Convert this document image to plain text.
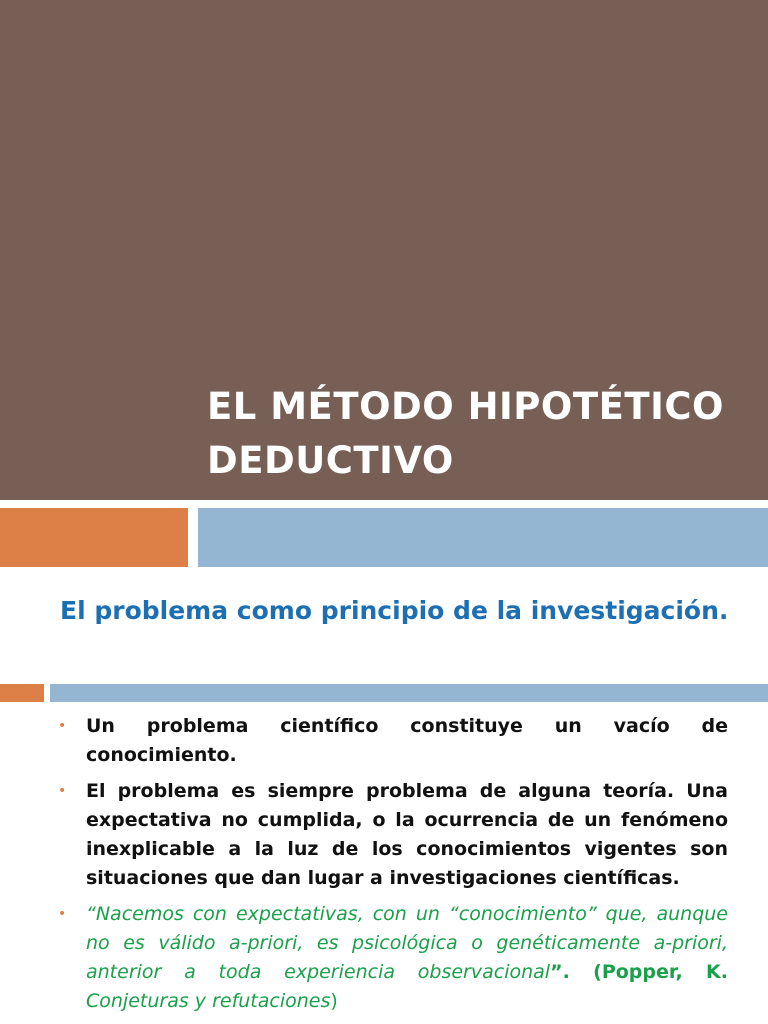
EL MÉTODO HIPOTÉTICO DEDUCTIVO
El problema como principio de la investigación.
• Un problema científico constituye un vacío de conocimiento.
• El problema es siempre problema de alguna teoría. Una expectativa no cumplida, o la ocurrencia de un fenómeno inexplicable a la luz de los conocimientos vigentes son situaciones que dan lugar a investigaciones científicas.
• “Nacemos con expectativas, con un “conocimiento” que, aunque no es válido a-priori, es psicológica o genéticamente a-priori, anterior a toda experiencia observacional”. (Popper, K. Conjeturas y refutaciones)
